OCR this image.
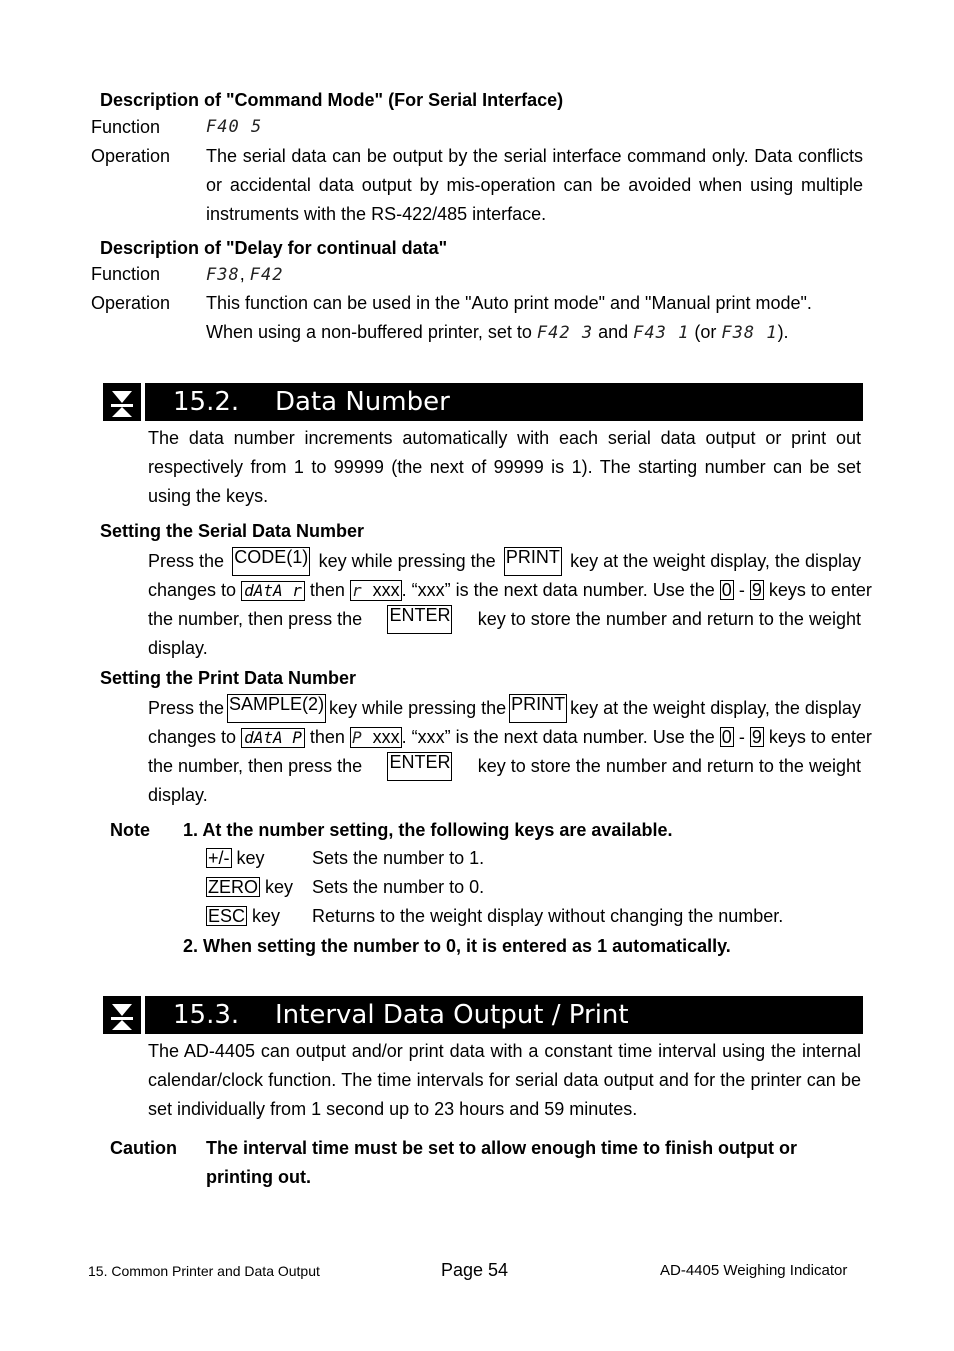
Description of "Command Mode" (For Serial Interface)
Function	F40 5
Operation The serial data can be output by the serial interface command only. Data conflicts or accidental data output by mis-operation can be avoided when using multiple instruments with the RS-422/485 interface.
Description of "Delay for continual data"
Function	F38, F42
Operation This function can be used in the "Auto print mode" and "Manual print mode".
When using a non-buffered printer, set to F42 3 and F43 1 (or F38 1).
15.2. Data Number
The data number increments automatically with each serial data output or print out respectively from 1 to 99999 (the next of 99999 is 1). The starting number can be set using the keys.
Setting the Serial Data Number
Press the CODE(1) key while pressing the PRINT key at the weight display, the display
changes to dAtA r then r xxx . “xxx” is the next data number. Use the 0 - 9 keys to enter
the number, then press the ENTER key to store the number and return to the weight
display.
Setting the Print Data Number
Press the SAMPLE(2) key while pressing the PRINT key at the weight display, the display
changes to dAtA P then P xxx . “xxx” is the next data number. Use the 0 - 9 keys to enter
the number, then press the ENTER key to store the number and return to the weight
display.
Note 1. At the number setting, the following keys are available.
+/- key	Sets the number to 1.
ZERO key Sets the number to 0.
ESC key Returns to the weight display without changing the number.
2. When setting the number to 0, it is entered as 1 automatically.
15.3. Interval Data Output / Print
The AD-4405 can output and/or print data with a constant time interval using the internal calendar/clock function. The time intervals for serial data output and for the printer can be set individually from 1 second up to 23 hours and 59 minutes.
Caution The interval time must be set to allow enough time to finish output or printing out.
15. Common Printer and Data Output	Page 54	AD-4405 Weighing Indicator
